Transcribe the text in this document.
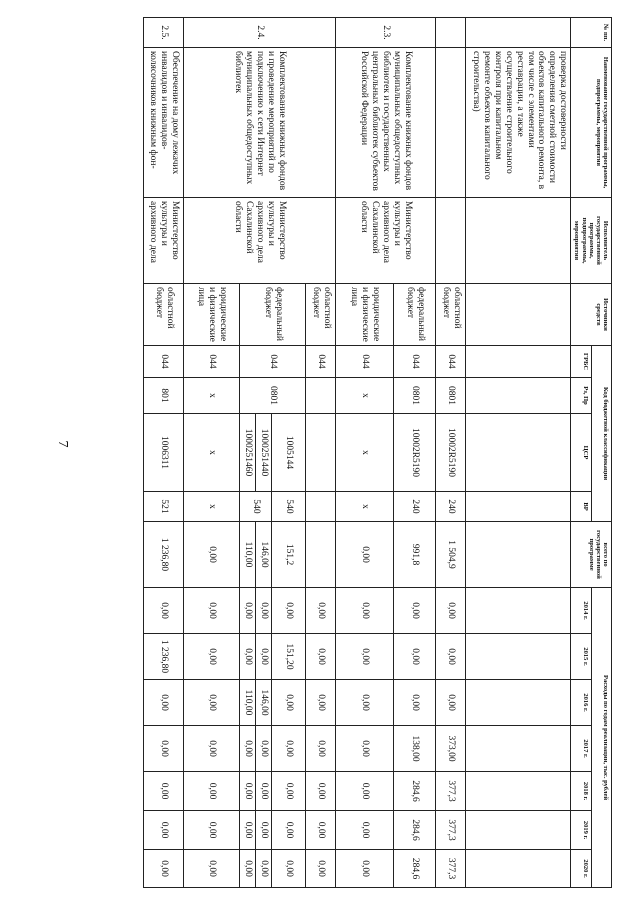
7
№ пп.	Наименование государственной программы, подпрограммы, мероприятия	Исполнитель государственной программы, подпрограммы, мероприятия	Источники средств	Код бюджетной классификации				всего по государственной программе	Расходы по годам реализации, тыс. рублей						
				ГРБС	Рз, Пр	ЦСР	ВР		2014 г.	2015 г.	2016 г.	2017 г.	2018 г.	2019 г.	2020 г.
	проверка достоверности определения сметной стоимости объектов капитального ремонта, в том числе с элементами реставрации, а также осуществление строительного контроля при капитальном ремонте объектов капитального строительства)														
			областной бюджет	044	0801	10002R5190	240	1 504,9	0,00	0,00	0,00	373,00	377,3	377,3	377,3
2.3.	Комплектование книжных фондов муниципальных общедоступных библиотек и государственных центральных библиотек субъектов Российской Федерации	Министерство культуры и архивного дела Сахалинской области	федеральный бюджет	044	0801	10002R5190	240	991,8	0,00	0,00	0,00	138,00	284,6	284,6	284,6
			юридические и физические лица	044	x	x	x	0,00	0,00	0,00	0,00	0,00	0,00	0,00	0,00
2.4.	Комплектование книжных фондов и проведение мероприятий по подключению к сети Интернет муниципальных общедоступных библиотек	Министерство культуры и архивного дела Сахалинской области	областной бюджет	044					0,00	0,00	0,00	0,00	0,00	0,00	0,00
			федеральный бюджет	044	0801	1005144	540	151,2	0,00	151,20	0,00	0,00	0,00	0,00	0,00
						1000251440	540	146,00	0,00	0,00	146,00	0,00	0,00	0,00	0,00
						1000251460		110,00	0,00	0,00	110,00	0,00	0,00	0,00	0,00
			юридические и физические лица	044	x	x	x	0,00	0,00	0,00	0,00	0,00	0,00	0,00	0,00
2.5.	Обеспечение на дому лежачих инвалидов и инвалидов-колясочников книжным фон-	Министерство культуры и архивного дела	областной бюджет	044	801	1006311	521	1 236,80	0,00	1 236,80	0,00	0,00	0,00	0,00	0,00
